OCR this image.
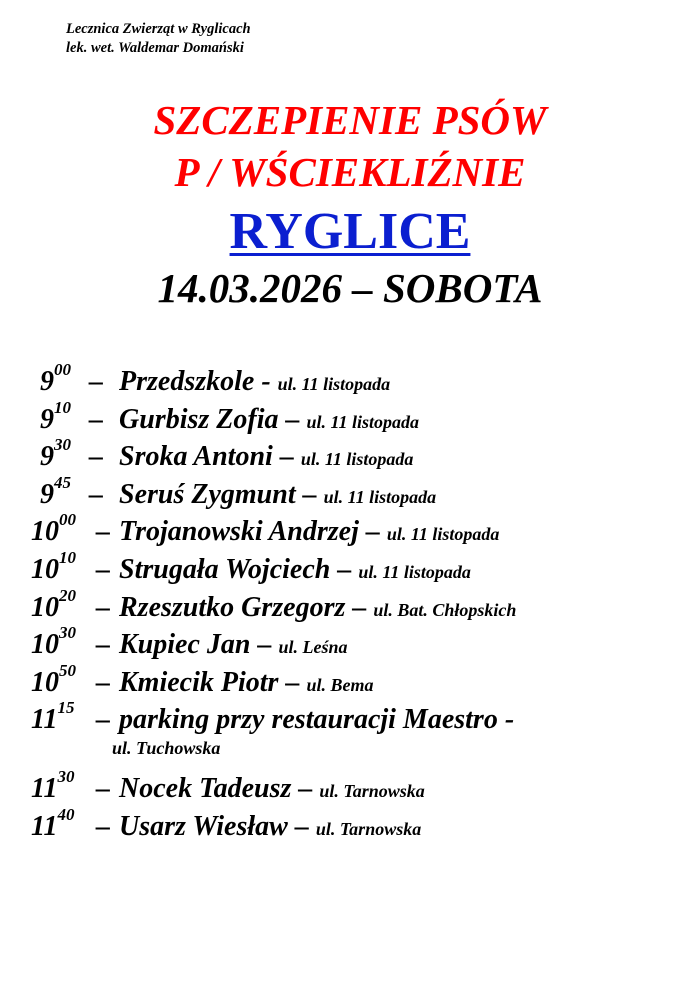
Lecznica Zwierząt w Ryglicach
lek. wet. Waldemar Domański
SZCZEPIENIE PSÓW
P / WŚCIEKLIŹNIE
RYGLICE
14.03.2026 – SOBOTA
$9^{00}$ – Przedszkole - ul. 11 listopada
$9^{10}$ – Gurbisz Zofia – ul. 11 listopada
$9^{30}$ – Sroka Antoni – ul. 11 listopada
$9^{45}$ – Seruś Zygmunt – ul. 11 listopada
$10^{00}$ – Trojanowski Andrzej – ul. 11 listopada
$10^{10}$ – Strugała Wojciech – ul. 11 listopada
$10^{20}$ – Rzeszutko Grzegorz – ul. Bat. Chłopskich
$10^{30}$ – Kupiec Jan – ul. Leśna
$10^{50}$ – Kmiecik Piotr – ul. Bema
$11^{15}$ – parking przy restauracji Maestro -
ul. Tuchowska
$11^{30}$ – Nocek Tadeusz – ul. Tarnowska
$11^{40}$ – Usarz Wiesław – ul. Tarnowska
